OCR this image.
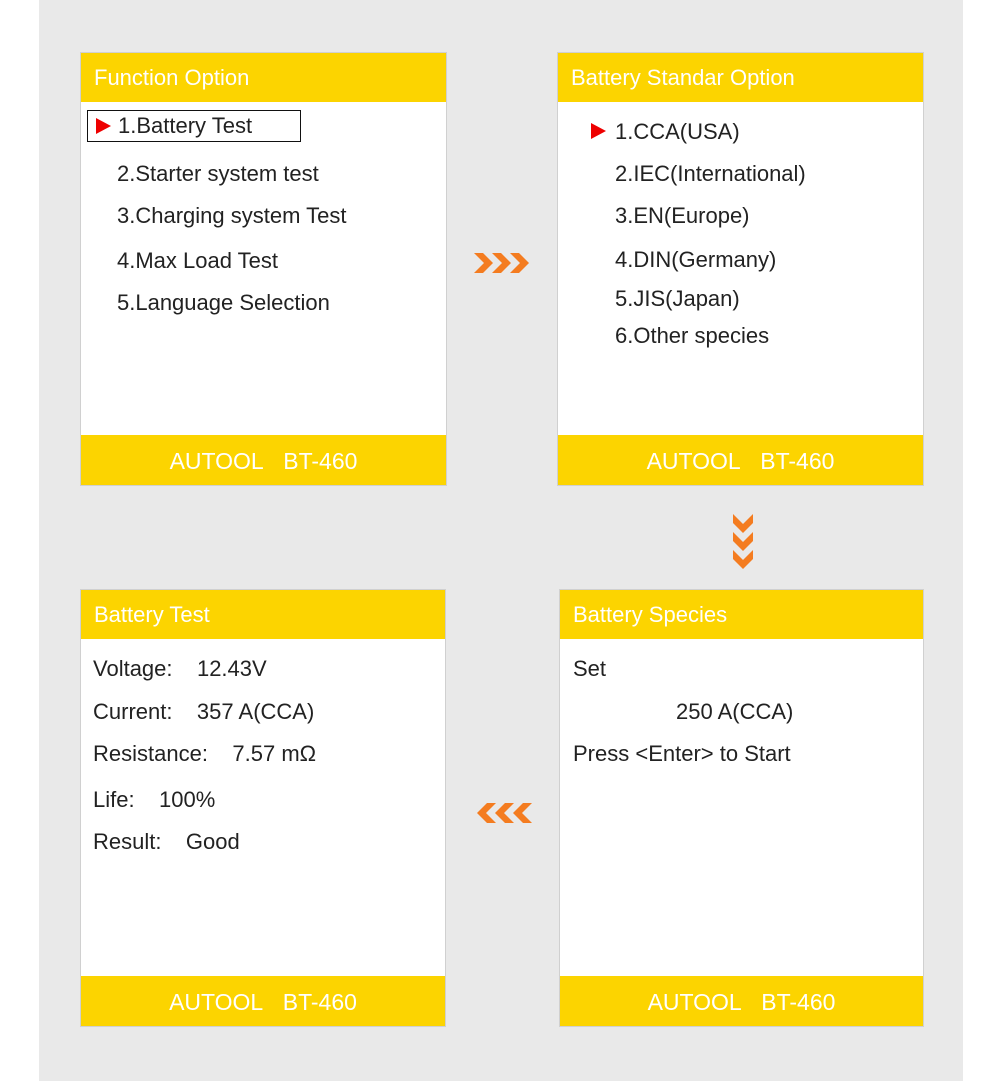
Function Option
1.Battery Test
2.Starter system test
3.Charging system Test
4.Max Load Test
5.Language Selection
AUTOOL BT-460
Battery Standar Option
1.CCA(USA)
2.IEC(International)
3.EN(Europe)
4.DIN(Germany)
5.JIS(Japan)
6.Other species
AUTOOL BT-460
Battery Test
Voltage:    12.43V
Current:    357 A(CCA)
Resistance:    7.57 mΩ
Life:    100%
Result:    Good
AUTOOL BT-460
Battery Species
Set
250 A(CCA)
Press <Enter> to Start
AUTOOL BT-460
